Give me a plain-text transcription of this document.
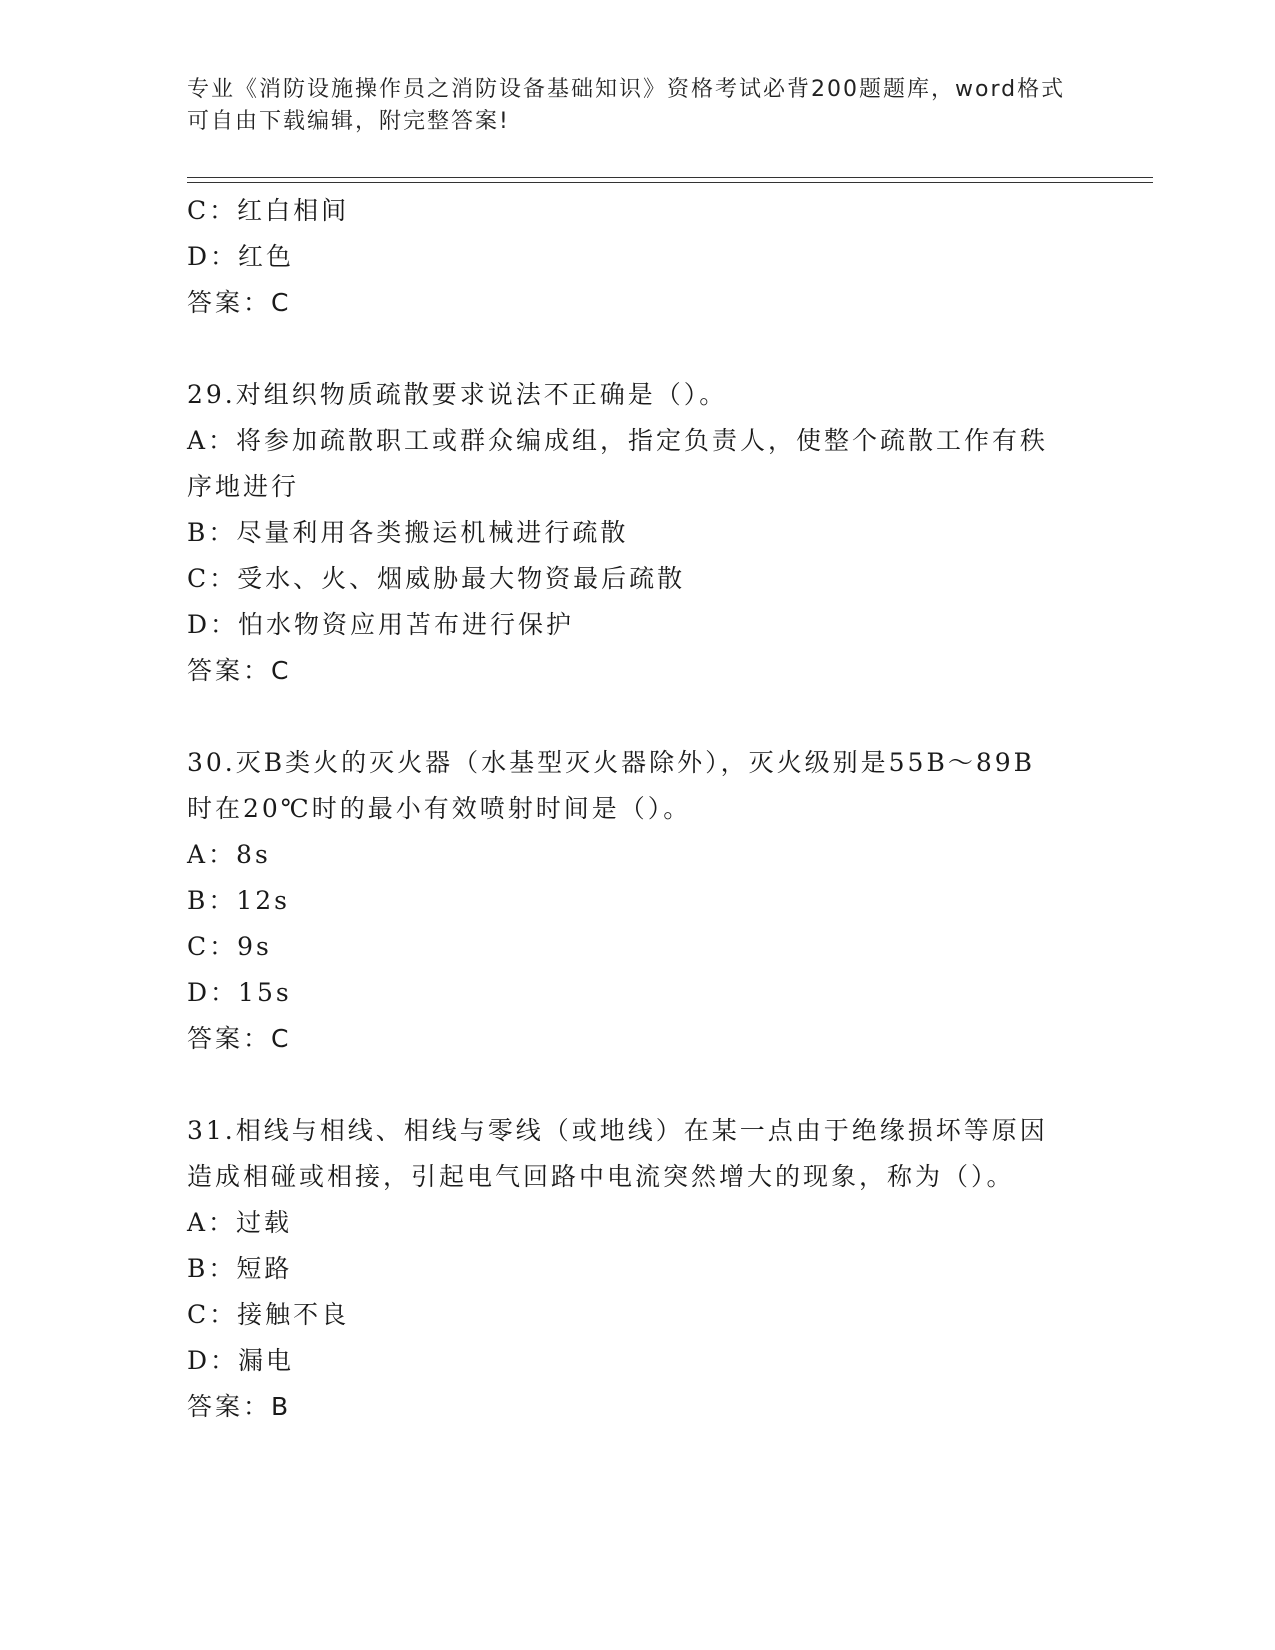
专业《消防设施操作员之消防设备基础知识》资格考试必背200题题库，word格式可自由下载编辑，附完整答案!
C：红白相间
D：红色
答案：C
29.对组织物质疏散要求说法不正确是（）。
A：将参加疏散职工或群众编成组，指定负责人，使整个疏散工作有秩
序地进行
B：尽量利用各类搬运机械进行疏散
C：受水、火、烟威胁最大物资最后疏散
D：怕水物资应用苫布进行保护
答案：C
30.灭B类火的灭火器（水基型灭火器除外），灭火级别是55B～89B
时在20℃时的最小有效喷射时间是（）。
A：8s
B：12s
C：9s
D：15s
答案：C
31.相线与相线、相线与零线（或地线）在某一点由于绝缘损坏等原因
造成相碰或相接，引起电气回路中电流突然增大的现象，称为（）。
A：过载
B：短路
C：接触不良
D：漏电
答案：B
